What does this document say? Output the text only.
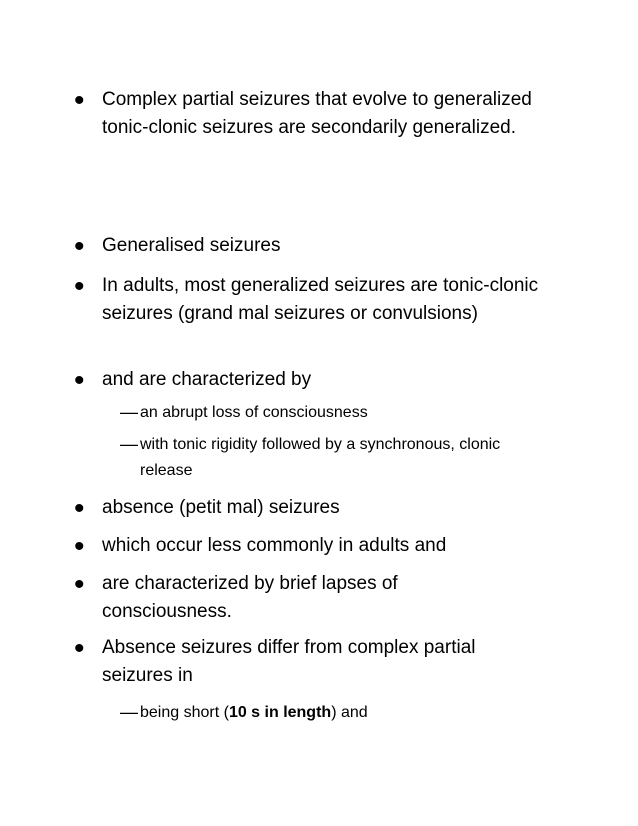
• Complex partial seizures that evolve to generalized tonic-clonic seizures are secondarily generalized.
• Generalised seizures
• In adults, most generalized seizures are tonic-clonic seizures (grand mal seizures or convulsions)
• and are characterized by
— an abrupt loss of consciousness
— with tonic rigidity followed by a synchronous, clonic release
• absence (petit mal) seizures
• which occur less commonly in adults and
• are characterized by brief lapses of consciousness.
• Absence seizures differ from complex partial seizures in
— being short (10 s in length) and
